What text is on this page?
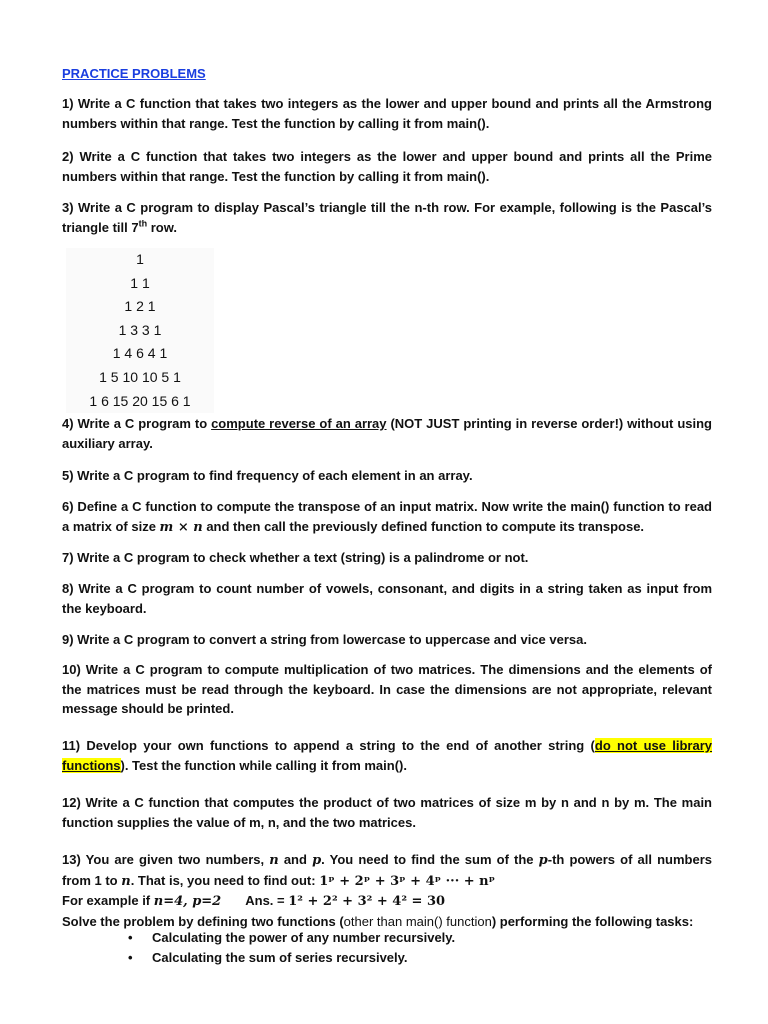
PRACTICE PROBLEMS
1) Write a C function that takes two integers as the lower and upper bound and prints all the Armstrong numbers within that range. Test the function by calling it from main().
2) Write a C function that takes two integers as the lower and upper bound and prints all the Prime numbers within that range. Test the function by calling it from main().
3) Write a C program to display Pascal’s triangle till the n-th row. For example, following is the Pascal’s triangle till 7th row.
1
1 1
1 2 1
1 3 3 1
1 4 6 4 1
1 5 10 10 5 1
1 6 15 20 15 6 1
4) Write a C program to compute reverse of an array (NOT JUST printing in reverse order!) without using auxiliary array.
5) Write a C program to find frequency of each element in an array.
6) Define a C function to compute the transpose of an input matrix. Now write the main() function to read a matrix of size m × n and then call the previously defined function to compute its transpose.
7) Write a C program to check whether a text (string) is a palindrome or not.
8) Write a C program to count number of vowels, consonant, and digits in a string taken as input from the keyboard.
9) Write a C program to convert a string from lowercase to uppercase and vice versa.
10) Write a C program to compute multiplication of two matrices. The dimensions and the elements of the matrices must be read through the keyboard. In case the dimensions are not appropriate, relevant message should be printed.
11) Develop your own functions to append a string to the end of another string (do not use library functions). Test the function while calling it from main().
12) Write a C function that computes the product of two matrices of size m by n and n by m. The main function supplies the value of m, n, and the two matrices.
13) You are given two numbers, n and p. You need to find the sum of the p-th powers of all numbers from 1 to n. That is, you need to find out: 1ᵖ + 2ᵖ + 3ᵖ + 4ᵖ ··· + nᵖ
For example if n=4, p=2 Ans. = 1² + 2² + 3² + 4² = 30
Solve the problem by defining two functions (other than main() function) performing the following tasks:
• Calculating the power of any number recursively.
• Calculating the sum of series recursively.
